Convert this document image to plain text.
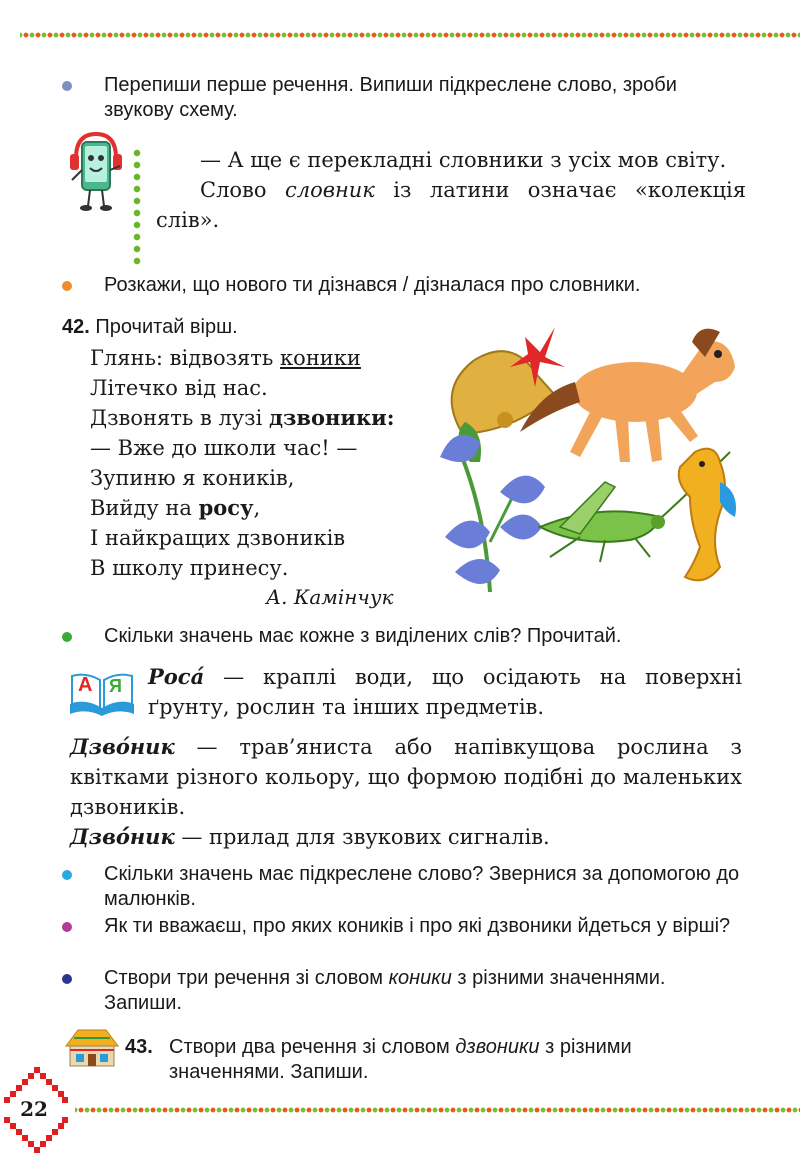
Перепиши перше речення. Випиши підкреслене слово, зроби звукову схему.
— А ще є перекладні словники з усіх мов світу.
Слово словник із латини означає «колекція слів».
Розкажи, що нового ти дізнався / дізналася про словники.
42. Прочитай вірш.
Глянь: відвозять коники
Літечко від нас.
Дзвонять в лузі дзвоники:
— Вже до школи час! —
Зупиню я коників,
Вийду на росу,
І найкращих дзвоників
В школу принесу.
А. Камінчук
Скільки значень має кожне з виділених слів? Прочитай.
А Я Роса́ — краплі води, що осідають на поверхні ґрунту, рослин та інших предметів.
Дзво́ник — трав’яниста або напівкущова рослина з квітками різного кольору, що формою подібні до маленьких дзвоників.
Дзвó́ник — прилад для звукових сигналів.
Скільки значень має підкреслене слово? Звернися за допомогою до малюнків.
Як ти вважаєш, про яких коників і про які дзвоники йдеться у вірші?
Створи три речення зі словом коники з різними значеннями. Запиши.
43. Створи два речення зі словом дзвоники з різними значеннями. Запиши.
22
